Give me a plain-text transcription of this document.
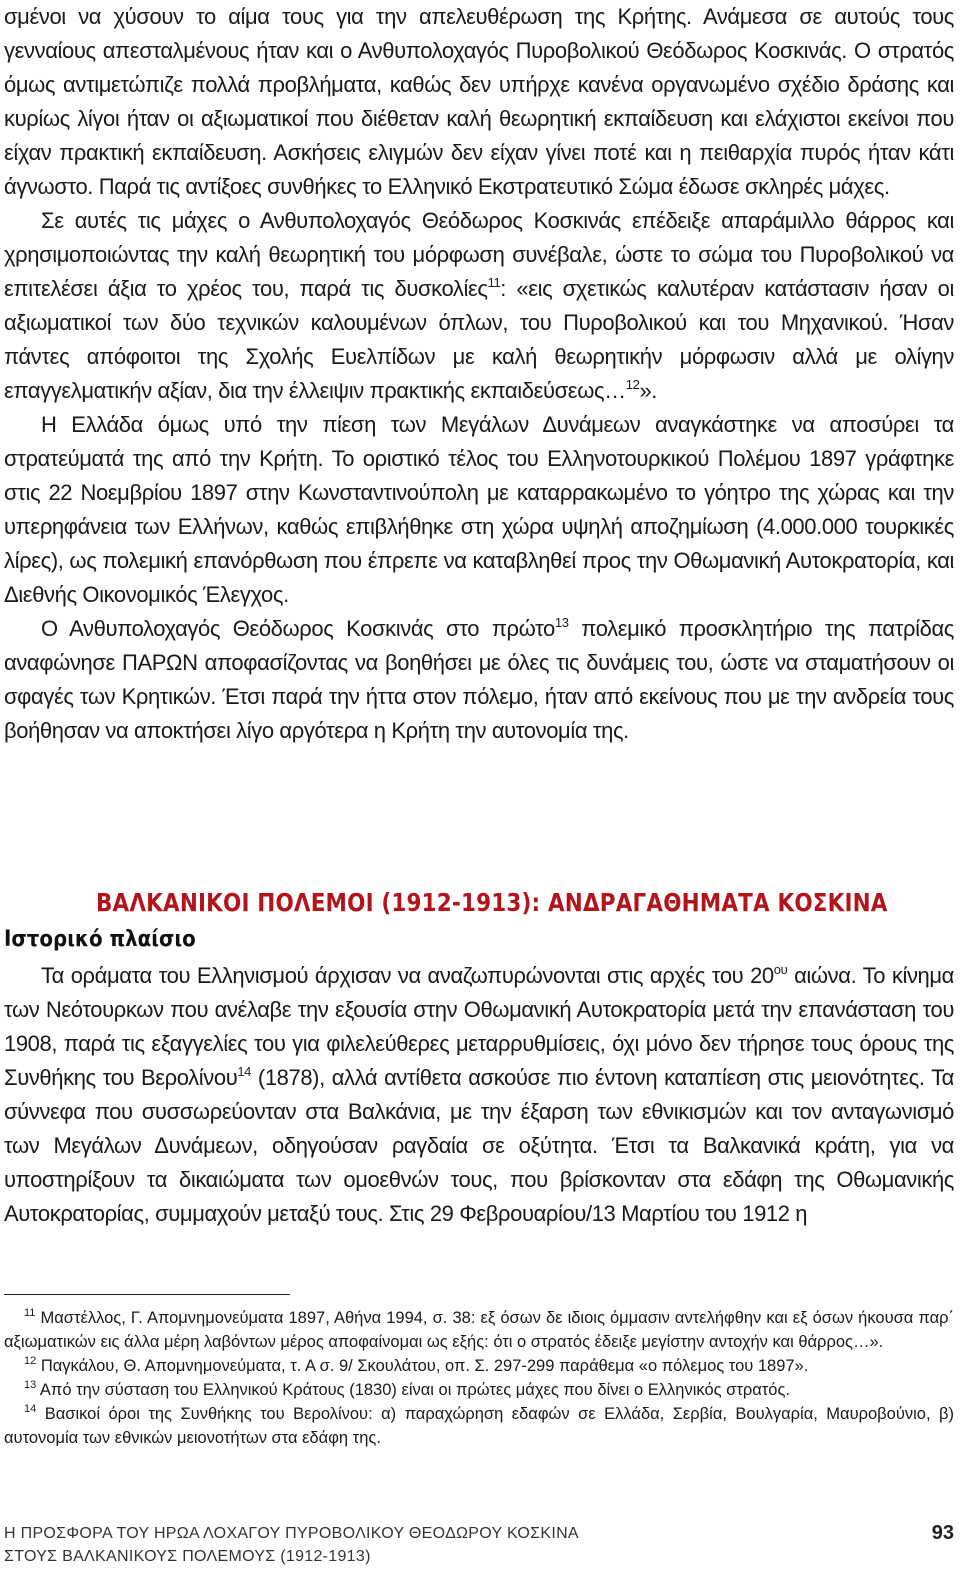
σμένοι να χύσουν το αίμα τους για την απελευθέρωση της Κρήτης. Ανάμεσα σε αυτούς τους γενναίους απεσταλμένους ήταν και ο Ανθυπολοχαγός Πυροβολικού Θεόδωρος Κοσκινάς. Ο στρατός όμως αντιμετώπιζε πολλά προβλήματα, καθώς δεν υπήρχε κανένα οργανωμένο σχέδιο δράσης και κυρίως λίγοι ήταν οι αξιωματικοί που διέθεταν καλή θεωρητική εκπαίδευση και ελάχιστοι εκείνοι που είχαν πρακτική εκπαίδευση. Ασκήσεις ελιγμών δεν είχαν γίνει ποτέ και η πειθαρχία πυρός ήταν κάτι άγνωστο. Παρά τις αντίξοες συνθήκες το Ελληνικό Εκστρατευτικό Σώμα έδωσε σκληρές μάχες.

Σε αυτές τις μάχες ο Ανθυπολοχαγός Θεόδωρος Κοσκινάς επέδειξε απαράμιλλο θάρρος και χρησιμοποιώντας την καλή θεωρητική του μόρφωση συνέβαλε, ώστε το σώμα του Πυροβολικού να επιτελέσει άξια το χρέος του, παρά τις δυσκολίες$^{11}$: «εις σχετικώς καλυτέραν κατάστασιν ήσαν οι αξιωματικοί των δύο τεχνικών καλουμένων όπλων, του Πυροβολικού και του Μηχανικού. Ήσαν πάντες απόφοιτοι της Σχολής Ευελπίδων με καλή θεωρητικήν μόρφωσιν αλλά με ολίγην επαγγελματικήν αξίαν, δια την έλλειψιν πρακτικής εκπαιδεύσεως…$^{12}$».

Η Ελλάδα όμως υπό την πίεση των Μεγάλων Δυνάμεων αναγκάστηκε να αποσύρει τα στρατεύματά της από την Κρήτη. Το οριστικό τέλος του Ελληνοτουρκικού Πολέμου 1897 γράφτηκε στις 22 Νοεμβρίου 1897 στην Κωνσταντινούπολη με καταρρακωμένο το γόητρο της χώρας και την υπερηφάνεια των Ελλήνων, καθώς επιβλήθηκε στη χώρα υψηλή αποζημίωση (4.000.000 τουρκικές λίρες), ως πολεμική επανόρθωση που έπρεπε να καταβληθεί προς την Οθωμανική Αυτοκρατορία, και Διεθνής Οικονομικός Έλεγχος.

Ο Ανθυπολοχαγός Θεόδωρος Κοσκινάς στο πρώτο$^{13}$ πολεμικό προσκλητήριο της πατρίδας αναφώνησε ΠΑΡΩΝ αποφασίζοντας να βοηθήσει με όλες τις δυνάμεις του, ώστε να σταματήσουν οι σφαγές των Κρητικών. Έτσι παρά την ήττα στον πόλεμο, ήταν από εκείνους που με την ανδρεία τους βοήθησαν να αποκτήσει λίγο αργότερα η Κρήτη την αυτονομία της.

ΒΑΛΚΑΝΙΚΟΙ ΠΟΛΕΜΟΙ (1912-1913): ΑΝΔΡΑΓΑΘΗΜΑΤΑ ΚΟΣΚΙΝΑ
Ιστορικό πλαίσιο

Τα οράματα του Ελληνισμού άρχισαν να αναζωπυρώνονται στις αρχές του $20^{o\upsilon}$ αιώνα. Το κίνημα των Νεότουρκων που ανέλαβε την εξουσία στην Οθωμανική Αυτοκρατορία μετά την επανάσταση του 1908, παρά τις εξαγγελίες του για φιλελεύθερες μεταρρυθμίσεις, όχι μόνο δεν τήρησε τους όρους της Συνθήκης του Βερολίνου$^{14}$ (1878), αλλά αντίθετα ασκούσε πιο έντονη καταπίεση στις μειονότητες. Τα σύννεφα που συσσωρεύονταν στα Βαλκάνια, με την έξαρση των εθνικισμών και τον ανταγωνισμό των Μεγάλων Δυνάμεων, οδηγούσαν ραγδαία σε οξύτητα. Έτσι τα Βαλκανικά κράτη, για να υποστηρίξουν τα δικαιώματα των ομοεθνών τους, που βρίσκονταν στα εδάφη της Οθωμανικής Αυτοκρατορίας, συμμαχούν μεταξύ τους. Στις 29 Φεβρουαρίου/13 Μαρτίου του 1912 η

$^{11}$ Μαστέλλος, Γ. Απομνημονεύματα 1897, Αθήνα 1994, σ. 38: εξ όσων δε ιδιοις όμμασιν αντελήφθην και εξ όσων ήκουσα παρ΄ αξιωματικών εις άλλα μέρη λαβόντων μέρος αποφαίνομαι ως εξής: ότι ο στρατός έδειξε μεγίστην αντοχήν και θάρρος…».

$^{12}$ Παγκάλου, Θ. Απομνημονεύματα, τ. Α σ. 9/ Σκουλάτου, οπ. Σ. 297-299 παράθεμα «ο πόλεμος του 1897».

$^{13}$ Από την σύσταση του Ελληνικού Κράτους (1830) είναι οι πρώτες μάχες που δίνει ο Ελληνικός στρατός.

$^{14}$ Βασικοί όροι της Συνθήκης του Βερολίνου: α) παραχώρηση εδαφών σε Ελλάδα, Σερβία, Βουλγαρία, Μαυροβούνιο, β) αυτονομία των εθνικών μειονοτήτων στα εδάφη της.

Η ΠΡΟΣΦΟΡΑ ΤΟΥ ΗΡΩΑ ΛΟΧΑΓΟΥ ΠΥΡΟΒΟΛΙΚΟΥ ΘΕΟΔΩΡΟΥ ΚΟΣΚΙΝΑ

ΣΤΟΥΣ ΒΑΛΚΑΝΙΚΟΥΣ ΠΟΛΕΜΟΥΣ (1912-1913)

93
